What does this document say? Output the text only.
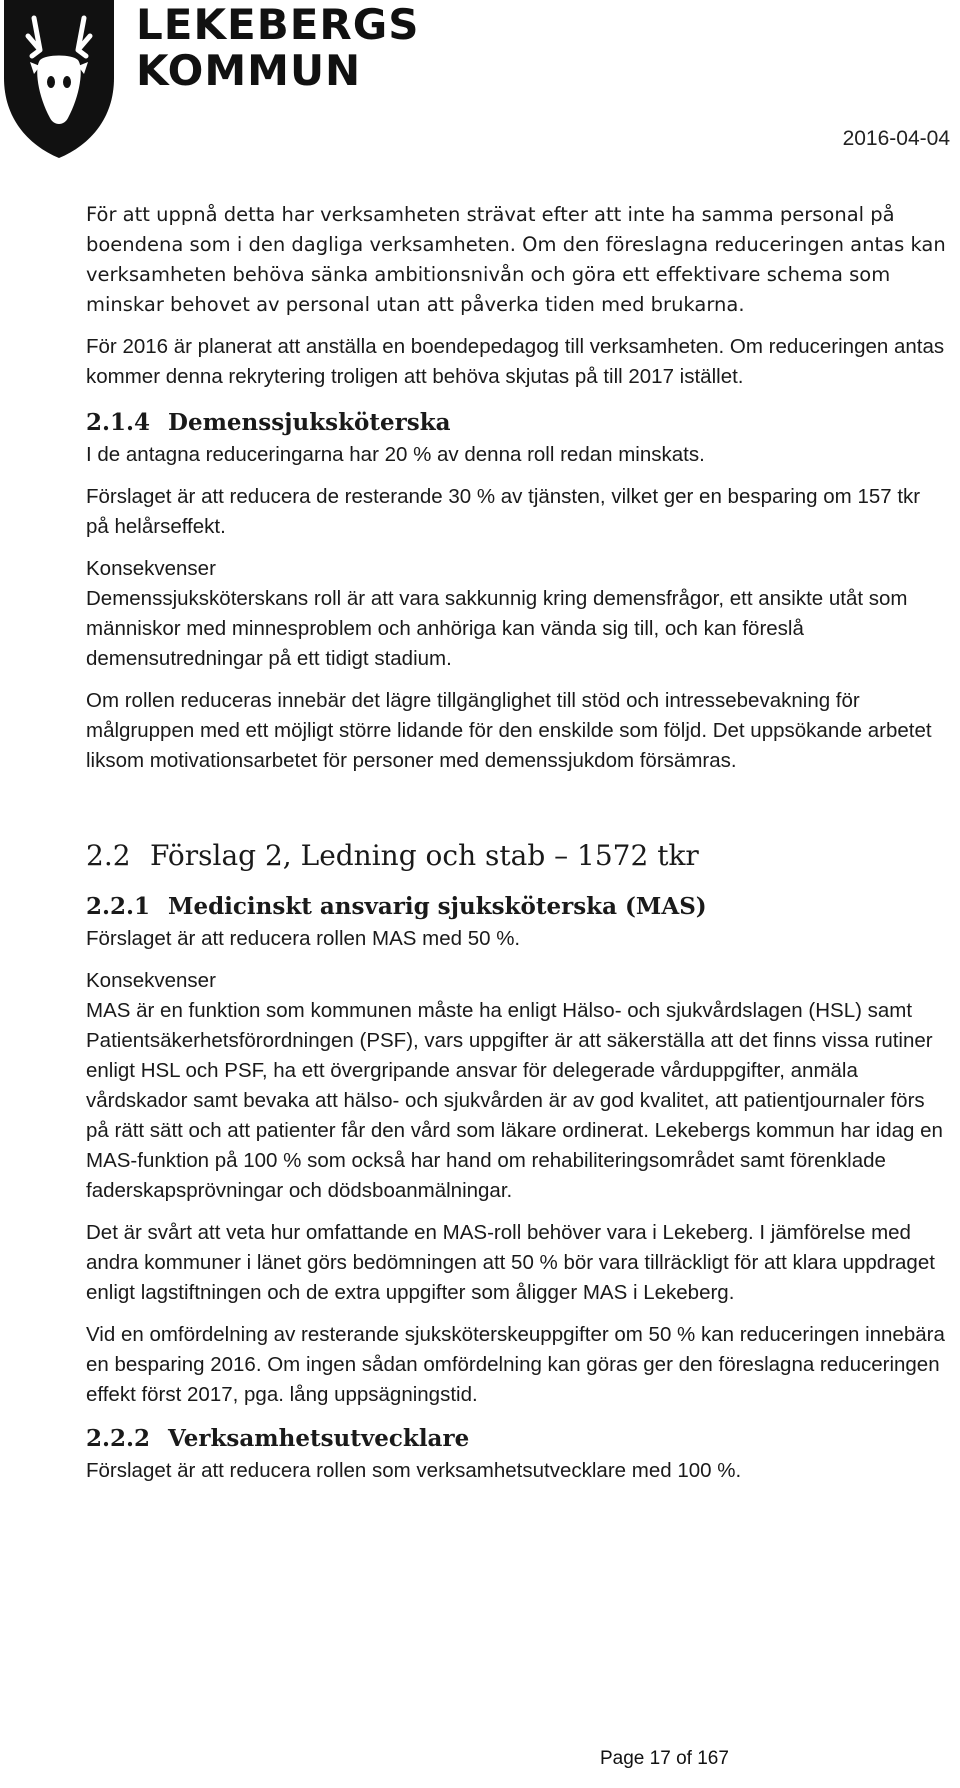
LEKEBERGS
KOMMUN
2016-04-04

För att uppnå detta har verksamheten strävat efter att inte ha samma personal på boendena som i den dagliga verksamheten. Om den föreslagna reduceringen antas kan verksamheten behöva sänka ambitionsnivån och göra ett effektivare schema som minskar behovet av personal utan att påverka tiden med brukarna.

För 2016 är planerat att anställa en boendepedagog till verksamheten. Om reduceringen antas kommer denna rekrytering troligen att behöva skjutas på till 2017 istället.

2.1.4 Demenssjuksköterska

I de antagna reduceringarna har 20 % av denna roll redan minskats.

Förslaget är att reducera de resterande 30 % av tjänsten, vilket ger en besparing om 157 tkr på helårseffekt.

Konsekvenser

Demenssjuksköterskans roll är att vara sakkunnig kring demensfrågor, ett ansikte utåt som människor med minnesproblem och anhöriga kan vända sig till, och kan föreslå demensutredningar på ett tidigt stadium.

Om rollen reduceras innebär det lägre tillgänglighet till stöd och intressebevakning för målgruppen med ett möjligt större lidande för den enskilde som följd. Det uppsökande arbetet liksom motivationsarbetet för personer med demenssjukdom försämras.

2.2 Förslag 2, Ledning och stab – 1572 tkr
2.2.1 Medicinskt ansvarig sjuksköterska (MAS)

Förslaget är att reducera rollen MAS med 50 %.

Konsekvenser

MAS är en funktion som kommunen måste ha enligt Hälso- och sjukvårdslagen (HSL) samt Patientsäkerhetsförordningen (PSF), vars uppgifter är att säkerställa att det finns vissa rutiner enligt HSL och PSF, ha ett övergripande ansvar för delegerade vårduppgifter, anmäla vårdskador samt bevaka att hälso- och sjukvården är av god kvalitet, att patientjournaler förs på rätt sätt och att patienter får den vård som läkare ordinerat. Lekebergs kommun har idag en MAS-funktion på 100 % som också har hand om rehabiliteringsområdet samt förenklade faderskapsprövningar och dödsboanmälningar.

Det är svårt att veta hur omfattande en MAS-roll behöver vara i Lekeberg. I jämförelse med andra kommuner i länet görs bedömningen att 50 % bör vara tillräckligt för att klara uppdraget enligt lagstiftningen och de extra uppgifter som åligger MAS i Lekeberg.

Vid en omfördelning av resterande sjuksköterskeuppgifter om 50 % kan reduceringen innebära en besparing 2016. Om ingen sådan omfördelning kan göras ger den föreslagna reduceringen effekt först 2017, pga. lång uppsägningstid.

2.2.2 Verksamhetsutvecklare

Förslaget är att reducera rollen som verksamhetsutvecklare med 100 %.

Page 17 of 167
